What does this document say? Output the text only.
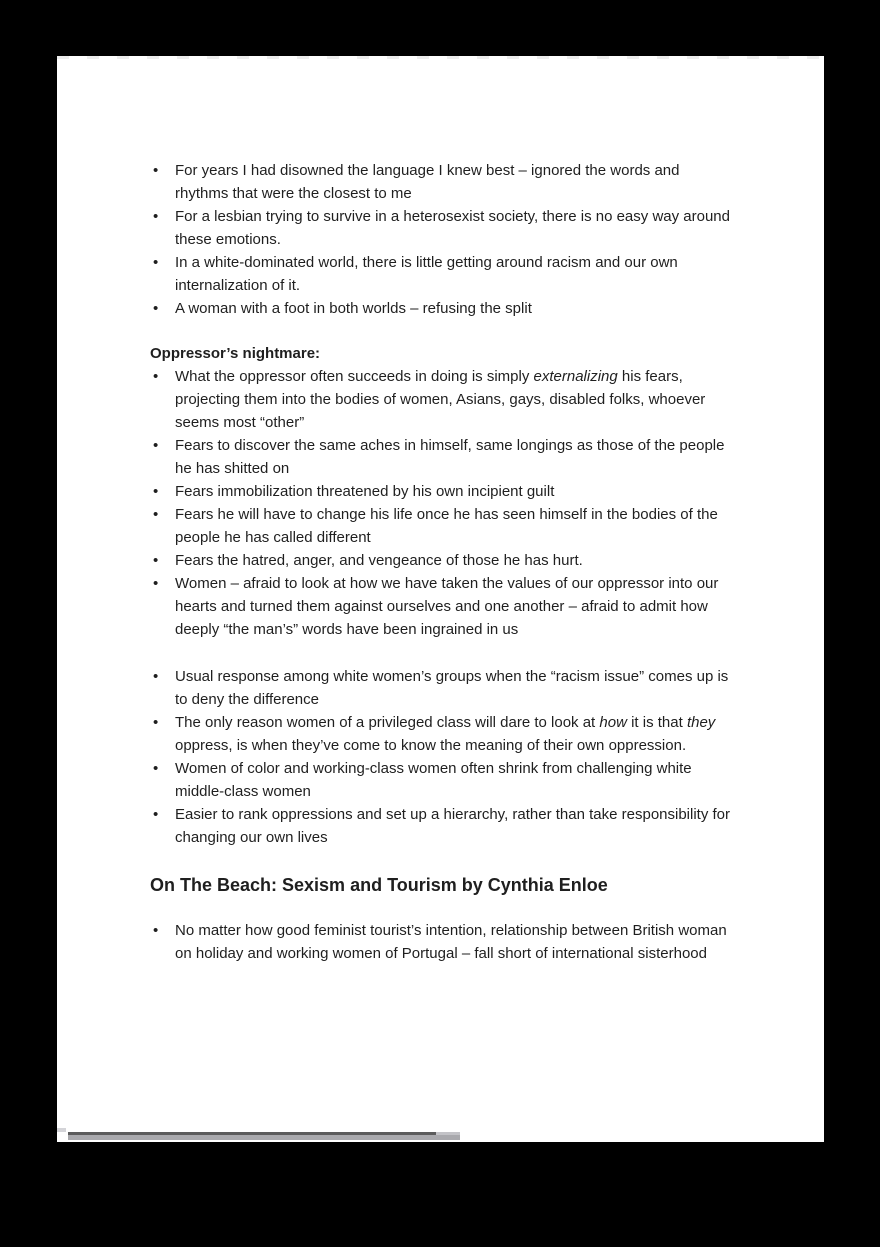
• For years I had disowned the language I knew best – ignored the words and rhythms that were the closest to me
• For a lesbian trying to survive in a heterosexist society, there is no easy way around these emotions.
• In a white-dominated world, there is little getting around racism and our own internalization of it.
• A woman with a foot in both worlds – refusing the split
Oppressor’s nightmare:
• What the oppressor often succeeds in doing is simply externalizing his fears, projecting them into the bodies of women, Asians, gays, disabled folks, whoever seems most “other”
• Fears to discover the same aches in himself, same longings as those of the people he has shitted on
• Fears immobilization threatened by his own incipient guilt
• Fears he will have to change his life once he has seen himself in the bodies of the people he has called different
• Fears the hatred, anger, and vengeance of those he has hurt.
• Women – afraid to look at how we have taken the values of our oppressor into our hearts and turned them against ourselves and one another – afraid to admit how deeply “the man’s” words have been ingrained in us
• Usual response among white women’s groups when the “racism issue” comes up is to deny the difference
• The only reason women of a privileged class will dare to look at how it is that they oppress, is when they’ve come to know the meaning of their own oppression.
• Women of color and working-class women often shrink from challenging white middle-class women
• Easier to rank oppressions and set up a hierarchy, rather than take responsibility for changing our own lives
On The Beach: Sexism and Tourism by Cynthia Enloe
• No matter how good feminist tourist’s intention, relationship between British woman on holiday and working women of Portugal – fall short of international sisterhood
